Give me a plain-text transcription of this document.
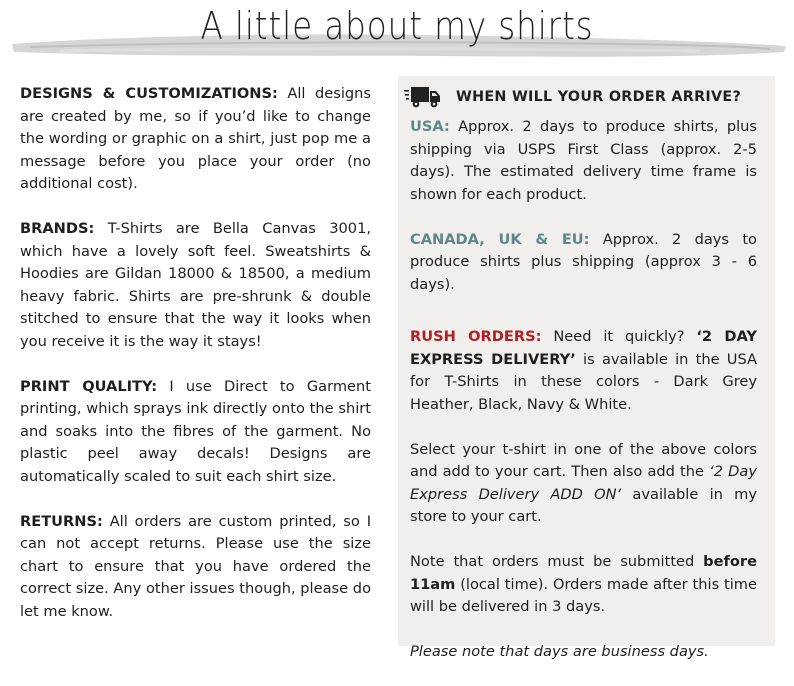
A little about my shirts

DESIGNS & CUSTOMIZATIONS: All designs are created by me, so if you’d like to change the wording or graphic on a shirt, just pop me a message before you place your order (no additional cost).

BRANDS: T-Shirts are Bella Canvas 3001, which have a lovely soft feel. Sweatshirts & Hoodies are Gildan 18000 & 18500, a medium heavy fabric. Shirts are pre-shrunk & double stitched to ensure that the way it looks when you receive it is the way it stays!

PRINT QUALITY: I use Direct to Garment printing, which sprays ink directly onto the shirt and soaks into the fibres of the garment. No plastic peel away decals! Designs are automatically scaled to suit each shirt size.

RETURNS: All orders are custom printed, so I can not accept returns. Please use the size chart to ensure that you have ordered the correct size. Any other issues though, please do let me know.

WHEN WILL YOUR ORDER ARRIVE?

USA: Approx. 2 days to produce shirts, plus shipping via USPS First Class (approx. 2-5 days). The estimated delivery time frame is shown for each product.

CANADA, UK & EU: Approx. 2 days to produce shirts plus shipping (approx 3 - 6 days).

RUSH ORDERS: Need it quickly? ‘2 DAY EXPRESS DELIVERY’ is available in the USA for T-Shirts in these colors - Dark Grey Heather, Black, Navy & White.

Select your t-shirt in one of the above colors and add to your cart. Then also add the ‘2 Day Express Delivery ADD ON’ available in my store to your cart.

Note that orders must be submitted before 11am (local time). Orders made after this time will be delivered in 3 days.

Please note that days are business days.
